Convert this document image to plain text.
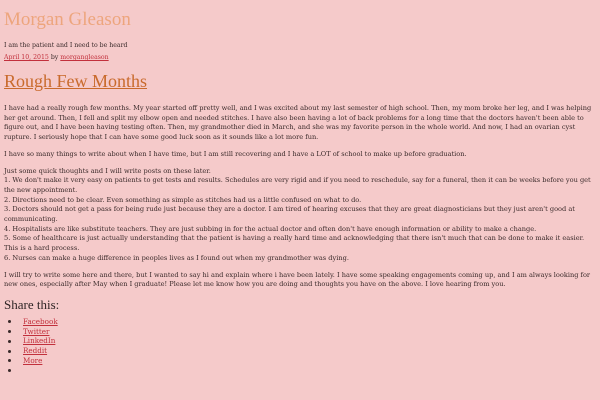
Morgan Gleason
I am the patient and I need to be heard
April 10, 2015 by morgangleason
Rough Few Months

I have had a really rough few months. My year started off pretty well, and I was excited about my last semester of high school. Then, my mom broke her leg, and I was helping her get around. Then, I fell and split my elbow open and needed stitches. I have also been having a lot of back problems for a long time that the doctors haven't been able to figure out, and I have been having testing often. Then, my grandmother died in March, and she was my favorite person in the whole world. And now, I had an ovarian cyst rupture. I seriously hope that I can have some good luck soon as it sounds like a lot more fun.

I have so many things to write about when I have time, but I am still recovering and I have a LOT of school to make up before graduation.

Just some quick thoughts and I will write posts on these later.
1. We don't make it very easy on patients to get tests and results. Schedules are very rigid and if you need to reschedule, say for a funeral, then it can be weeks before you get the new appointment.
2. Directions need to be clear. Even something as simple as stitches had us a little confused on what to do.
3. Doctors should not get a pass for being rude just because they are a doctor. I am tired of hearing excuses that they are great diagnosticians but they just aren't good at communicating.
4. Hospitalists are like substitute teachers. They are just subbing in for the actual doctor and often don't have enough information or ability to make a change.
5. Some of healthcare is just actually understanding that the patient is having a really hard time and acknowledging that there isn't much that can be done to make it easier. This is a hard process.
6. Nurses can make a huge difference in peoples lives as I found out when my grandmother was dying.

I will try to write some here and there, but I wanted to say hi and explain where i have been lately. I have some speaking engagements coming up, and I am always looking for new ones, especially after May when I graduate! Please let me know how you are doing and thoughts you have on the above. I love hearing from you.

Share this:
Facebook
Twitter
LinkedIn
Reddit
More
